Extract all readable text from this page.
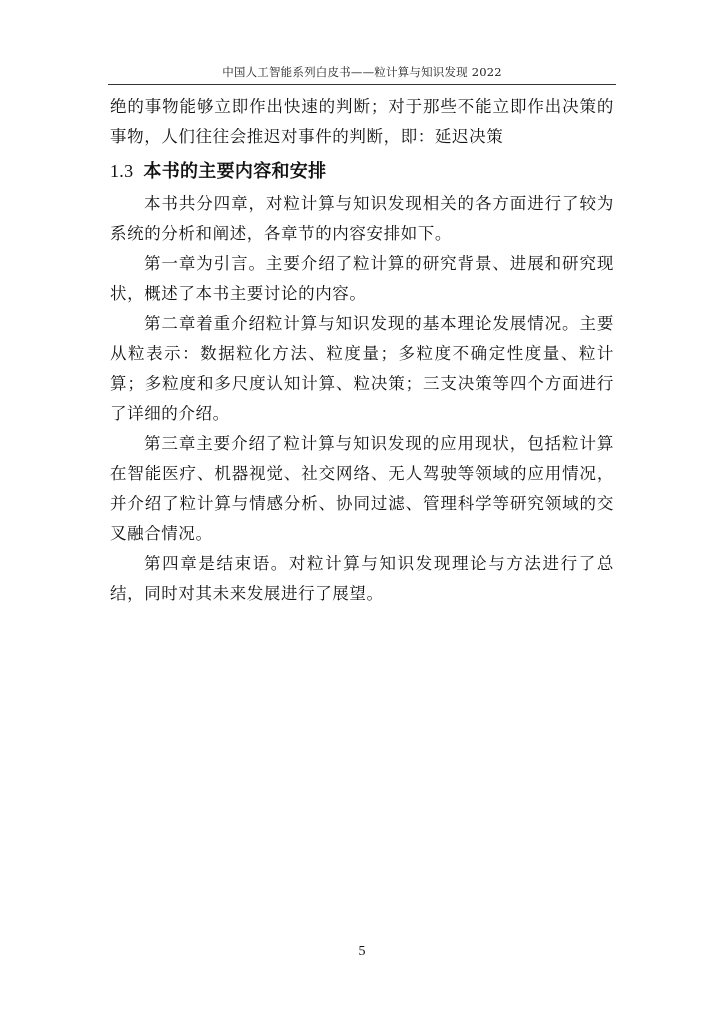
中国人工智能系列白皮书——粒计算与知识发现 2022

绝的事物能够立即作出快速的判断；对于那些不能立即作出决策的事物，人们往往会推迟对事件的判断，即：延迟决策

1.3 本书的主要内容和安排

本书共分四章，对粒计算与知识发现相关的各方面进行了较为系统的分析和阐述，各章节的内容安排如下。

第一章为引言。主要介绍了粒计算的研究背景、进展和研究现状，概述了本书主要讨论的内容。

第二章着重介绍粒计算与知识发现的基本理论发展情况。主要从粒表示：数据粒化方法、粒度量；多粒度不确定性度量、粒计算；多粒度和多尺度认知计算、粒决策；三支决策等四个方面进行了详细的介绍。

第三章主要介绍了粒计算与知识发现的应用现状，包括粒计算在智能医疗、机器视觉、社交网络、无人驾驶等领域的应用情况，并介绍了粒计算与情感分析、协同过滤、管理科学等研究领域的交叉融合情况。

第四章是结束语。对粒计算与知识发现理论与方法进行了总结，同时对其未来发展进行了展望。

5
